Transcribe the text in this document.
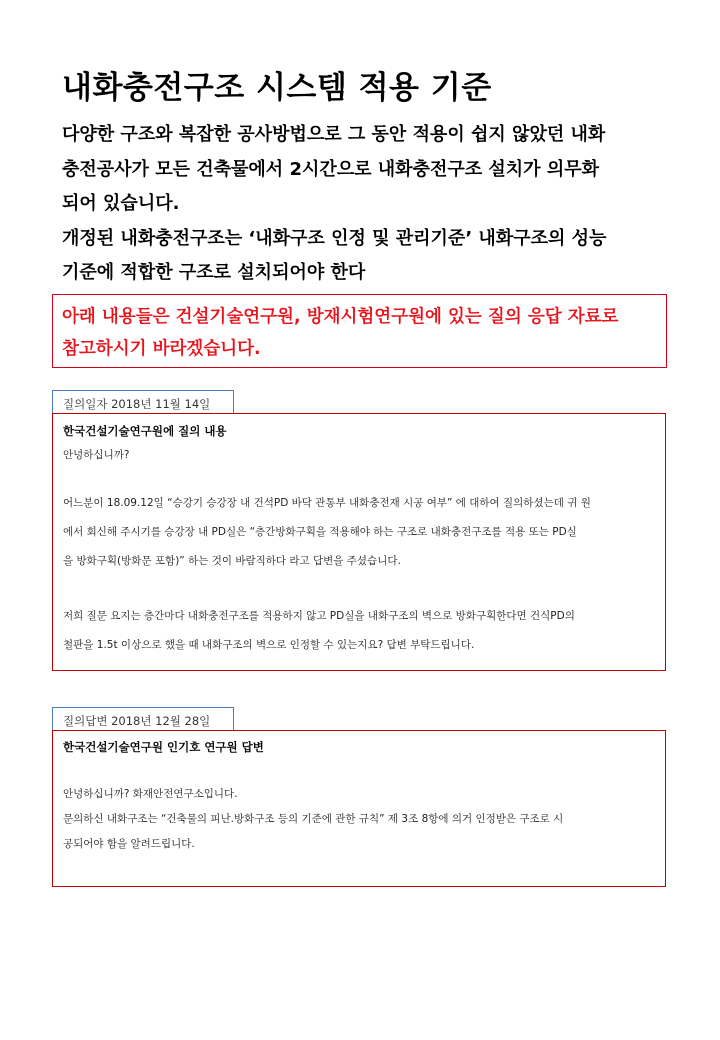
내화충전구조 시스템 적용 기준

다양한 구조와 복잡한 공사방법으로 그 동안 적용이 쉽지 않았던 내화

충전공사가 모든 건축물에서 2시간으로 내화충전구조 설치가 의무화

되어 있습니다.

개정된 내화충전구조는 ‘내화구조 인정 및 관리기준’ 내화구조의 성능

기준에 적합한 구조로 설치되어야 한다

아래 내용들은 건설기술연구원, 방재시험연구원에 있는 질의 응답 자료로

참고하시기 바라겠습니다.

질의일자 2018년 11월 14일

한국건설기술연구원에 질의 내용

안녕하십니까?

어느분이 18.09.12일 “승강기 승강장 내 건석PD 바닥 관통부 내화충전재 시공 여부” 에 대하여 질의하셨는데 귀 원

에서 회신해 주시기를 승강장 내 PD실은 “층간방화구획을 적용해야 하는 구조로 내화충전구조를 적용 또는 PD실

을 방화구획(방화문 포함)” 하는 것이 바람직하다 라고 답변을 주셨습니다.

저희 질문 요지는 층간마다 내화충전구조를 적용하지 않고 PD실을 내화구조의 벽으로 방화구획한다면 건식PD의

철판을 1.5t 이상으로 했을 때 내화구조의 벽으로 인정할 수 있는지요? 답변 부탁드립니다.

질의답변 2018년 12월 28일

한국건설기술연구원 인기호 연구원 답변

안녕하십니까? 화재안전연구소입니다.

문의하신 내화구조는 “건축물의 피난.방화구조 등의 기준에 관한 규칙” 제 3조 8항에 의거 인정받은 구조로 시

공되어야 함을 알려드립니다.
